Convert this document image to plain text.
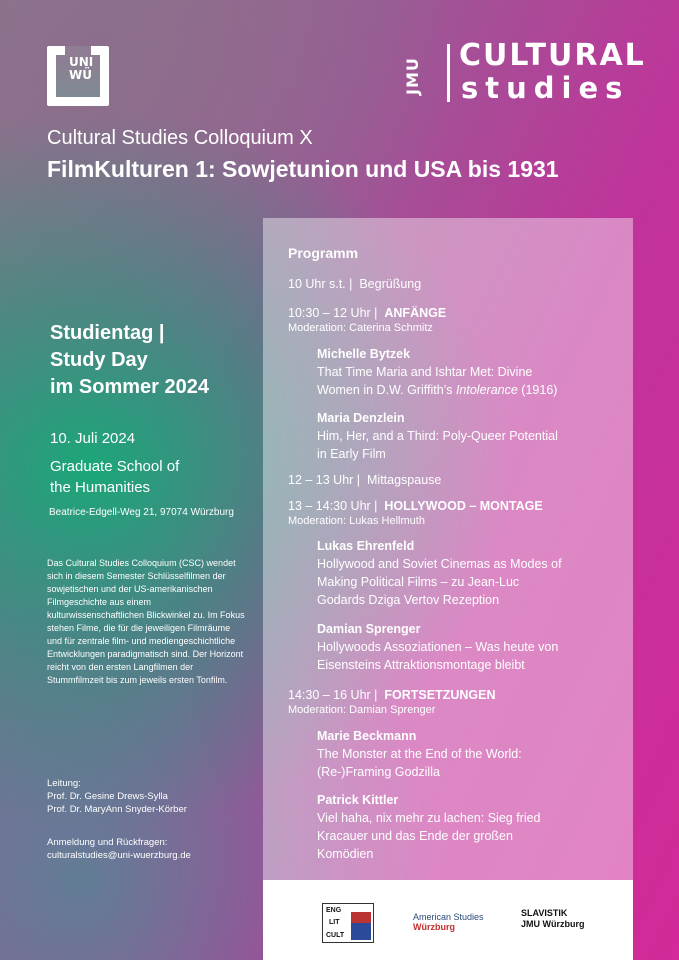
UNI WÜ	JMU
CULTURAL
studies
Cultural Studies Colloquium X
FilmKulturen 1: Sowjetunion und USA bis 1931
Studientag |
Study Day
im Sommer 2024
10. Juli 2024
Graduate School of
the Humanities
Beatrice-Edgell-Weg 21, 97074 Würzburg
Das Cultural Studies Colloquium (CSC) wendet sich in diesem Semester Schlüsselfilmen der sowjetischen und der US-amerikanischen Filmgeschichte aus einem kulturwissenschaftlichen Blickwinkel zu. Im Fokus stehen Filme, die für die jeweiligen Filmräume und für zentrale film- und mediengeschichtliche Entwicklungen paradigmatisch sind. Der Horizont reicht von den ersten Langfilmen der Stummfilmzeit bis zum jeweils ersten Tonfilm.
Leitung:
Prof. Dr. Gesine Drews-Sylla
Prof. Dr. MaryAnn Snyder-Körber
Anmeldung und Rückfragen:
culturalstudies@uni-wuerzburg.de
Programm
10 Uhr s.t. | Begrüßung
10:30 – 12 Uhr | ANFÄNGE
Moderation: Caterina Schmitz
Michelle Bytzek
That Time Maria and Ishtar Met: Divine
Women in D.W. Griffith’s Intolerance (1916)
Maria Denzlein
Him, Her, and a Third: Poly-Queer Potential
in Early Film
12 – 13 Uhr | Mittagspause
13 – 14:30 Uhr | HOLLYWOOD – MONTAGE
Moderation: Lukas Hellmuth
Lukas Ehrenfeld
Hollywood and Soviet Cinemas as Modes of
Making Political Films – zu Jean-Luc
Godards Dziga Vertov Rezeption
Damian Sprenger
Hollywoods Assoziationen – Was heute von
Eisensteins Attraktionsmontage bleibt
14:30 – 16 Uhr | FORTSETZUNGEN
Moderation: Damian Sprenger
Marie Beckmann
The Monster at the End of the World:
(Re-)Framing Godzilla
Patrick Kittler
Viel haha, nix mehr zu lachen: Sieg fried
Kracauer und das Ende der großen
Komödien
ENG
LIT
CULT
American Studies
Würzburg
SLAVISTIK
JMU Würzburg
